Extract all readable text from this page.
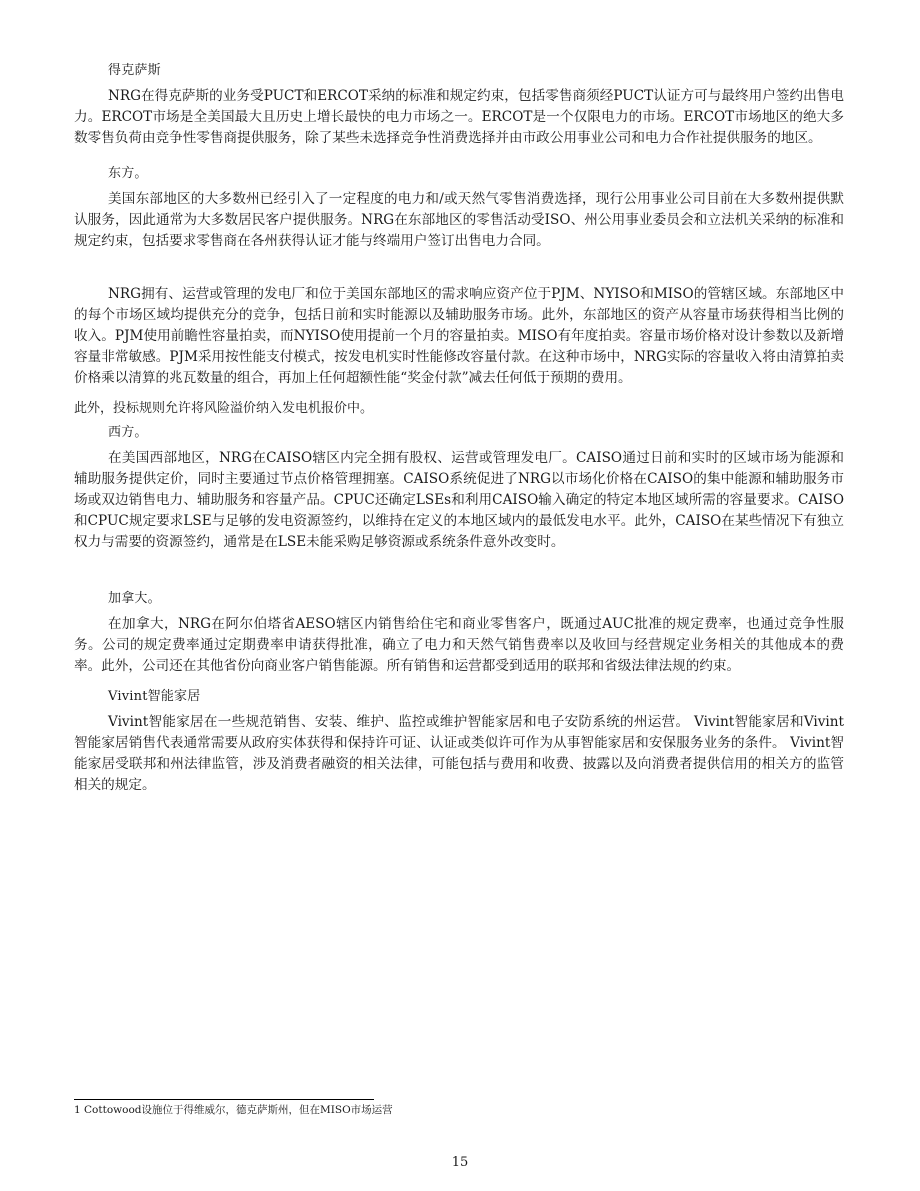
得克萨斯

NRG在得克萨斯的业务受PUCT和ERCOT采纳的标准和规定约束，包括零售商须经PUCT认证方可与最终用户签约出售电力。ERCOT市场是全美国最大且历史上增长最快的电力市场之一。ERCOT是一个仅限电力的市场。ERCOT市场地区的绝大多数零售负荷由竞争性零售商提供服务，除了某些未选择竞争性消费选择并由市政公用事业公司和电力合作社提供服务的地区。

东方。

美国东部地区的大多数州已经引入了一定程度的电力和/或天然气零售消费选择，现行公用事业公司目前在大多数州提供默认服务，因此通常为大多数居民客户提供服务。NRG在东部地区的零售活动受ISO、州公用事业委员会和立法机关采纳的标准和规定约束，包括要求零售商在各州获得认证才能与终端用户签订出售电力合同。

NRG拥有、运营或管理的发电厂和位于美国东部地区的需求响应资产位于PJM、NYISO和MISO的管辖区域。东部地区中的每个市场区域均提供充分的竞争，包括日前和实时能源以及辅助服务市场。此外，东部地区的资产从容量市场获得相当比例的收入。PJM使用前瞻性容量拍卖，而NYISO使用提前一个月的容量拍卖。MISO有年度拍卖。容量市场价格对设计参数以及新增容量非常敏感。PJM采用按性能支付模式，按发电机实时性能修改容量付款。在这种市场中，NRG实际的容量收入将由清算拍卖价格乘以清算的兆瓦数量的组合，再加上任何超额性能“奖金付款”减去任何低于预期的费用。

此外，投标规则允许将风险溢价纳入发电机报价中。

西方。

在美国西部地区，NRG在CAISO辖区内完全拥有股权、运营或管理发电厂。CAISO通过日前和实时的区域市场为能源和辅助服务提供定价，同时主要通过节点价格管理拥塞。CAISO系统促进了NRG以市场化价格在CAISO的集中能源和辅助服务市场或双边销售电力、辅助服务和容量产品。CPUC还确定LSEs和利用CAISO输入确定的特定本地区域所需的容量要求。CAISO和CPUC规定要求LSE与足够的发电资源签约，以维持在定义的本地区域内的最低发电水平。此外，CAISO在某些情况下有独立权力与需要的资源签约，通常是在LSE未能采购足够资源或系统条件意外改变时。

加拿大。

在加拿大，NRG在阿尔伯塔省AESO辖区内销售给住宅和商业零售客户，既通过AUC批准的规定费率，也通过竞争性服务。公司的规定费率通过定期费率申请获得批准，确立了电力和天然气销售费率以及收回与经营规定业务相关的其他成本的费率。此外，公司还在其他省份向商业客户销售能源。所有销售和运营都受到适用的联邦和省级法律法规的约束。

Vivint智能家居

Vivint智能家居在一些规范销售、安装、维护、监控或维护智能家居和电子安防系统的州运营。 Vivint智能家居和Vivint智能家居销售代表通常需要从政府实体获得和保持许可证、认证或类似许可作为从事智能家居和安保服务业务的条件。 Vivint智能家居受联邦和州法律监管，涉及消费者融资的相关法律，可能包括与费用和收费、披露以及向消费者提供信用的相关方的监管相关的规定。

1 Cottowood设施位于得维威尔，德克萨斯州，但在MISO市场运营

15
